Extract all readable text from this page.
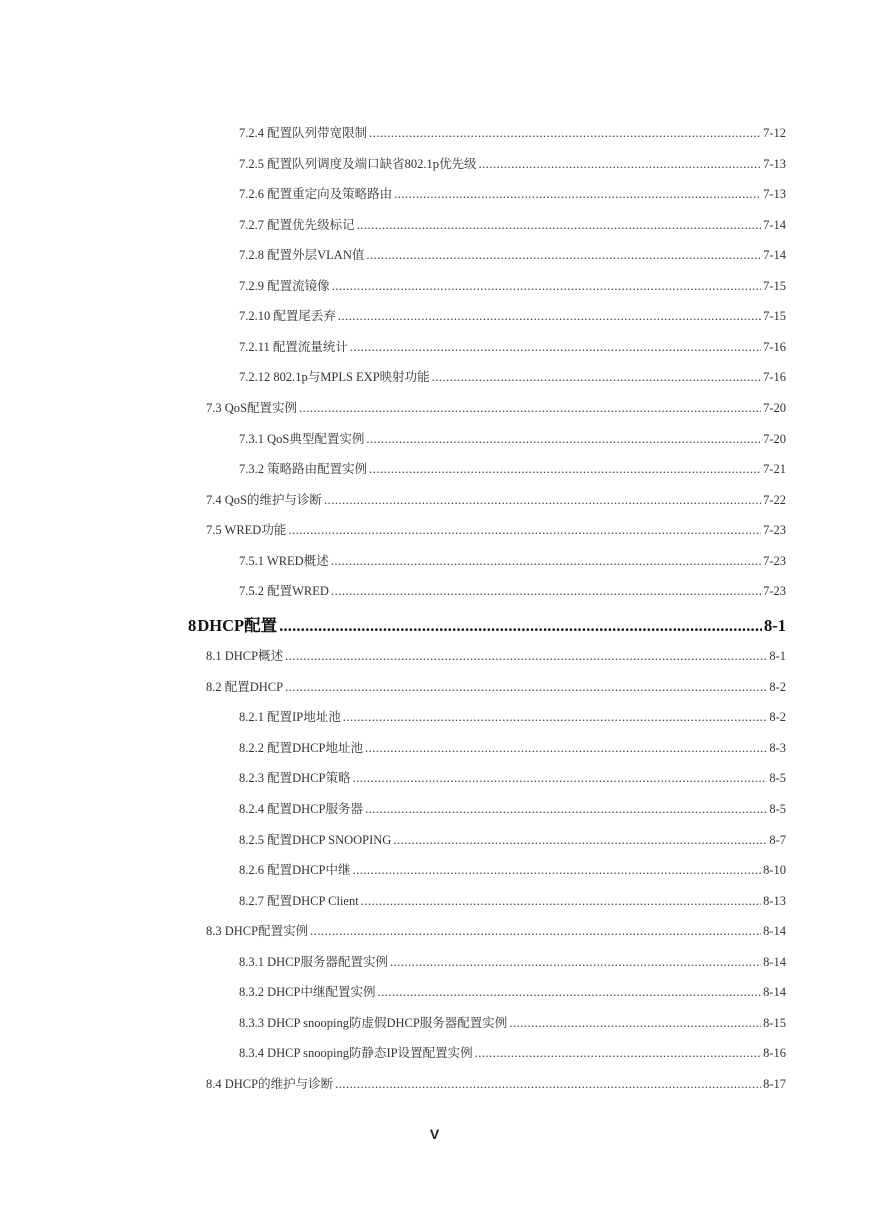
7.2.4 配置队列带宽限制 .....	7-12
7.2.5 配置队列调度及端口缺省802.1p优先级 .....	7-13
7.2.6 配置重定向及策略路由 .....	7-13
7.2.7 配置优先级标记 .....	7-14
7.2.8 配置外层VLAN值 .....	7-14
7.2.9 配置流镜像 .....	7-15
7.2.10 配置尾丢弃 .....	7-15
7.2.11 配置流量统计 .....	7-16
7.2.12 802.1p与MPLS EXP映射功能 .....	7-16
7.3 QoS配置实例 .....	7-20
7.3.1 QoS典型配置实例 .....	7-20
7.3.2 策略路由配置实例 .....	7-21
7.4 QoS的维护与诊断 .....	7-22
7.5 WRED功能 .....	7-23
7.5.1 WRED概述 .....	7-23
7.5.2 配置WRED .....	7-23
8 DHCP配置 .....	8-1
8.1 DHCP概述 .....	8-1
8.2 配置DHCP .....	8-2
8.2.1 配置IP地址池 .....	8-2
8.2.2 配置DHCP地址池 .....	8-3
8.2.3 配置DHCP策略 .....	8-5
8.2.4 配置DHCP服务器 .....	8-5
8.2.5 配置DHCP SNOOPING .....	8-7
8.2.6 配置DHCP中继 .....	8-10
8.2.7 配置DHCP Client .....	8-13
8.3 DHCP配置实例 .....	8-14
8.3.1 DHCP服务器配置实例 .....	8-14
8.3.2 DHCP中继配置实例 .....	8-14
8.3.3 DHCP snooping防虚假DHCP服务器配置实例 .....	8-15
8.3.4 DHCP snooping防静态IP设置配置实例 .....	8-16
8.4 DHCP的维护与诊断 .....	8-17
V
